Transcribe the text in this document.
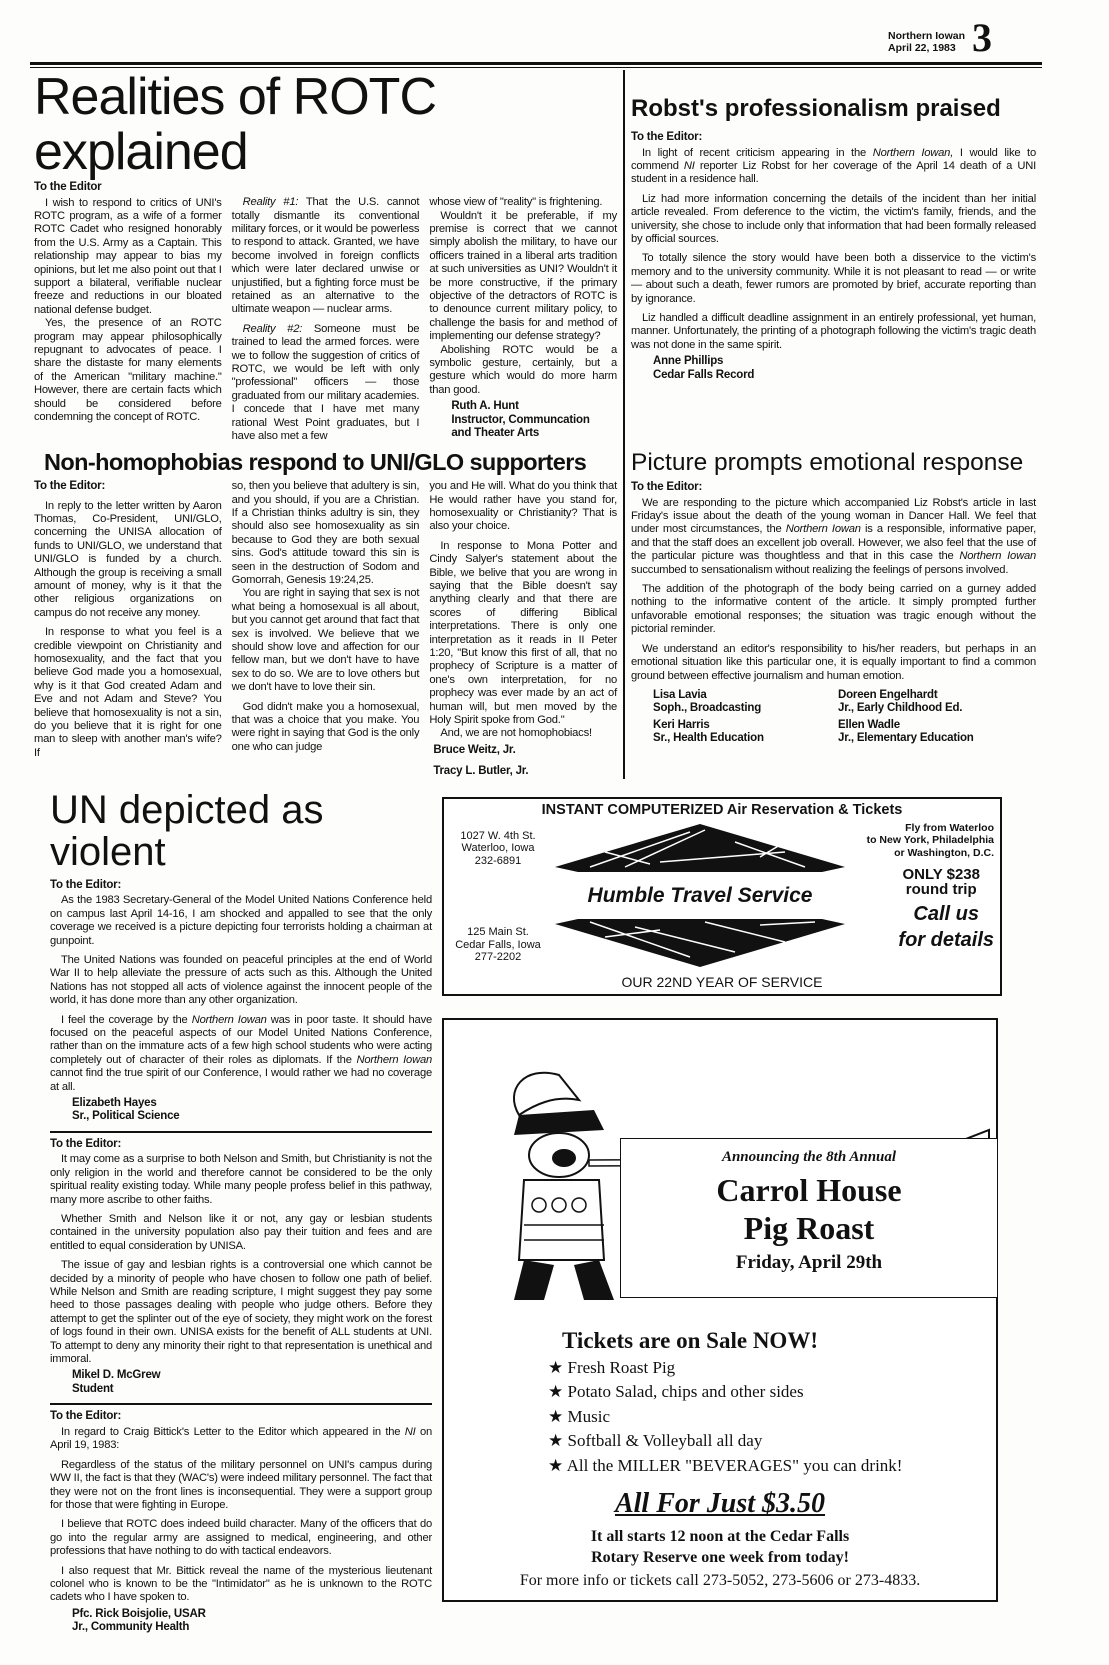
Northern Iowan
April 22, 1983 3
Realities of ROTC explained
To the Editor

I wish to respond to critics of UNI's ROTC program, as a wife of a former ROTC Cadet who resigned honorably from the U.S. Army as a Captain. This relationship may appear to bias my opinions, but let me also point out that I support a bilateral, verifiable nuclear freeze and reductions in our bloated national defense budget.

Yes, the presence of an ROTC program may appear philosophically repugnant to advocates of peace. I share the distaste for many elements of the American "military machine." However, there are certain facts which should be considered before condemning the concept of ROTC.

Reality #1: That the U.S. cannot totally dismantle its conventional military forces, or it would be powerless to respond to attack. Granted, we have become involved in foreign conflicts which were later declared unwise or unjustified, but a fighting force must be retained as an alternative to the ultimate weapon — nuclear arms.

Reality #2: Someone must be trained to lead the armed forces. were we to follow the suggestion of critics of ROTC, we would be left with only "professional" officers — those graduated from our military academies. I concede that I have met many rational West Point graduates, but I have also met a few

whose view of "reality" is frightening.

Wouldn't it be preferable, if my premise is correct that we cannot simply abolish the military, to have our officers trained in a liberal arts tradition at such universities as UNI? Wouldn't it be more constructive, if the primary objective of the detractors of ROTC is to denounce current military policy, to challenge the basis for and method of implementing our defense strategy?

Abolishing ROTC would be a symbolic gesture, certainly, but a gesture which would do more harm than good.

Ruth A. Hunt
Instructor, Communcation
and Theater Arts
Robst's professionalism praised
To the Editor:

In light of recent criticism appearing in the Northern Iowan, I would like to commend NI reporter Liz Robst for her coverage of the April 14 death of a UNI student in a residence hall.

Liz had more information concerning the details of the incident than her initial article revealed. From deference to the victim, the victim's family, friends, and the university, she chose to include only that information that had been formally released by official sources.

To totally silence the story would have been both a disservice to the victim's memory and to the university community. While it is not pleasant to read — or write — about such a death, fewer rumors are promoted by brief, accurate reporting than by ignorance.

Liz handled a difficult deadline assignment in an entirely professional, yet human, manner. Unfortunately, the printing of a photograph following the victim's tragic death was not done in the same spirit.

Anne Phillips
Cedar Falls Record
Non-homophobias respond to UNI/GLO supporters
To the Editor:

In reply to the letter written by Aaron Thomas, Co-President, UNI/GLO, concerning the UNISA allocation of funds to UNI/GLO, we understand that UNI/GLO is funded by a church. Although the group is receiving a small amount of money, why is it that the other religious organizations on campus do not receive any money.

In response to what you feel is a credible viewpoint on Christianity and homosexuality, and the fact that you believe God made you a homosexual, why is it that God created Adam and Eve and not Adam and Steve? You believe that homosexuality is not a sin, do you believe that it is right for one man to sleep with another man's wife? If

so, then you believe that adultery is sin, and you should, if you are a Christian. If a Christian thinks adultry is sin, they should also see homosexuality as sin because to God they are both sexual sins. God's attitude toward this sin is seen in the destruction of Sodom and Gomorrah, Genesis 19:24,25.

You are right in saying that sex is not what being a homosexual is all about, but you cannot get around that fact that sex is involved. We believe that we should show love and affection for our fellow man, but we don't have to have sex to do so. We are to love others but we don't have to love their sin.

God didn't make you a homosexual, that was a choice that you make. You were right in saying that God is the only one who can judge

you and He will. What do you think that He would rather have you stand for, homosexuality or Christianity? That is also your choice.

In response to Mona Potter and Cindy Salyer's statement about the Bible, we belive that you are wrong in saying that the Bible doesn't say anything clearly and that there are scores of differing Biblical interpretations. There is only one interpretation as it reads in II Peter 1:20, "But know this first of all, that no prophecy of Scripture is a matter of one's own interpretation, for no prophecy was ever made by an act of human will, but men moved by the Holy Spirit spoke from God."

And, we are not homophobiacs!

Bruce Weitz, Jr.
Tracy L. Butler, Jr.
Picture prompts emotional response
To the Editor:

We are responding to the picture which accompanied Liz Robst's article in last Friday's issue about the death of the young woman in Dancer Hall. We feel that under most circumstances, the Northern Iowan is a responsible, informative paper, and that the staff does an excellent job overall. However, we also feel that the use of the particular picture was thoughtless and that in this case the Northern Iowan succumbed to sensationalism without realizing the feelings of persons involved.

The addition of the photograph of the body being carried on a gurney added nothing to the informative content of the article. It simply prompted further unfavorable emotional responses; the situation was tragic enough without the pictorial reminder.

We understand an editor's responsibility to his/her readers, but perhaps in an emotional situation like this particular one, it is equally important to find a common ground between effective journalism and human emotion.

Lisa Lavia
Soph., Broadcasting
Doreen Engelhardt
Jr., Early Childhood Ed.
Keri Harris
Sr., Health Education
Ellen Wadle
Jr., Elementary Education
UN depicted as violent
To the Editor:

As the 1983 Secretary-General of the Model United Nations Conference held on campus last April 14-16, I am shocked and appalled to see that the only coverage we received is a picture depicting four terrorists holding a chairman at gunpoint.

The United Nations was founded on peaceful principles at the end of World War II to help alleviate the pressure of acts such as this. Although the United Nations has not stopped all acts of violence against the innocent people of the world, it has done more than any other organization.

I feel the coverage by the Northern Iowan was in poor taste. It should have focused on the peaceful aspects of our Model United Nations Conference, rather than on the immature acts of a few high school students who were acting completely out of character of their roles as diplomats. If the Northern Iowan cannot find the true spirit of our Conference, I would rather we had no coverage at all.

Elizabeth Hayes
Sr., Political Science
To the Editor:

It may come as a surprise to both Nelson and Smith, but Christianity is not the only religion in the world and therefore cannot be considered to be the only spiritual reality existing today. While many people profess belief in this pathway, many more ascribe to other faiths.

Whether Smith and Nelson like it or not, any gay or lesbian students contained in the university population also pay their tuition and fees and are entitled to equal consideration by UNISA.

The issue of gay and lesbian rights is a controversial one which cannot be decided by a minority of people who have chosen to follow one path of belief. While Nelson and Smith are reading scripture, I might suggest they pay some heed to those passages dealing with people who judge others. Before they attempt to get the splinter out of the eye of society, they might work on the forest of logs found in their own. UNISA exists for the benefit of ALL students at UNI. To attempt to deny any minority their right to that representation is unethical and immoral.

Mikel D. McGrew
Student
To the Editor:

In regard to Craig Bittick's Letter to the Editor which appeared in the NI on April 19, 1983:

Regardless of the status of the military personnel on UNI's campus during WW II, the fact is that they (WAC's) were indeed military personnel. The fact that they were not on the front lines is inconsequential. They were a support group for those that were fighting in Europe.

I believe that ROTC does indeed build character. Many of the officers that do go into the regular army are assigned to medical, engineering, and other professions that have nothing to do with tactical endeavors.

I also request that Mr. Bittick reveal the name of the mysterious lieutenant colonel who is known to be the "Intimidator" as he is unknown to the ROTC cadets who I have spoken to.

Pfc. Rick Boisjolie, USAR
Jr., Community Health
INSTANT COMPUTERIZED Air Reservation & Tickets
1027 W. 4th St.
Waterloo, Iowa
232-6891
125 Main St.
Cedar Falls, Iowa
277-2202
Humble Travel Service
Fly from Waterloo
to New York, Philadelphia
or Washington, D.C.
ONLY $238
round trip
Call us
for details
OUR 22ND YEAR OF SERVICE
Announcing the 8th Annual
Carrol House
Pig Roast
Friday, April 29th
Tickets are on Sale NOW!
★ Fresh Roast Pig
★ Potato Salad, chips and other sides
★ Music
★ Softball & Volleyball all day
★ All the MILLER "BEVERAGES" you can drink!
All For Just $3.50
It all starts 12 noon at the Cedar Falls
Rotary Reserve one week from today!
For more info or tickets call 273-5052, 273-5606 or 273-4833.
